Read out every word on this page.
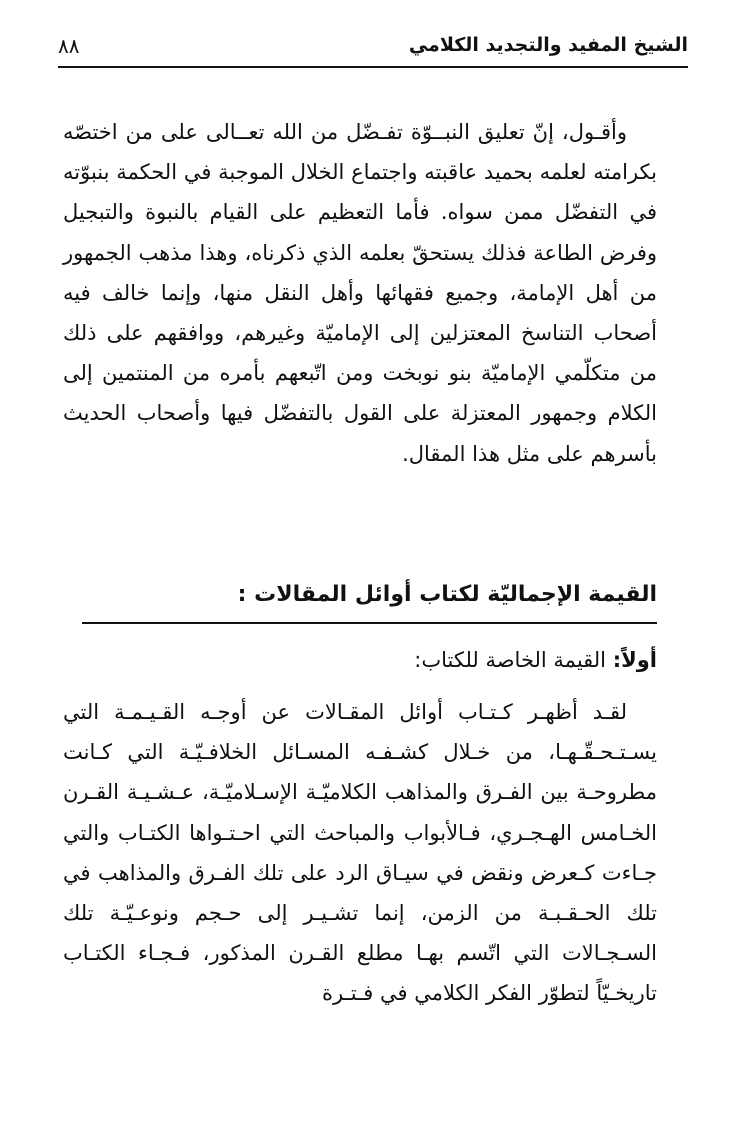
الشيخ المفيد والتجديد الكلامي
٨٨
وأقـول، إنّ تعليق النبــوّة تفـضّل من الله تعــالى على من اختصّه بكرامته لعلمه بحميد عاقبته واجتماع الخلال الموجبة في الحكمة بنبوّته في التفضّل ممن سواه. فأما التعظيم على القيام بالنبوة والتبجيل وفرض الطاعة فذلك يستحقّ بعلمه الذي ذكرناه، وهذا مذهب الجمهور من أهل الإمامة، وجميع فقهائها وأهل النقل منها، وإنما خالف فيه أصحاب التناسخ المعتزلين إلى الإماميّة وغيرهم، ووافقهم على ذلك من متكلّمي الإماميّة بنو نوبخت ومن اتّبعهم بأمره من المنتمين إلى الكلام وجمهور المعتزلة على القول بالتفضّل فيها وأصحاب الحديث بأسرهم على مثل هذا المقال.
القيمة الإجماليّة لكتاب أوائل المقالات :
أولاً: القيمة الخاصة للكتاب:
لقـد أظهـر كـتـاب أوائل المقـالات عن أوجـه القـيـمـة التي يسـتـحـقّـهـا، من خـلال كشـفـه المسـائل الخلافـيّـة التي كـانت مطروحـة بين الفـرق والمذاهب الكلاميّـة الإسـلاميّـة، عـشـيـة القـرن الخـامس الهـجـري، فـالأبواب والمباحث التي احـتـواها الكتـاب والتي جـاءت كـعرض ونقض في سيـاق الرد على تلك الفـرق والمذاهب في تلك الحـقـبـة من الزمن، إنما تشـيـر إلى حـجم ونوعـيّـة تلك السـجـالات التي اتّسم بهـا مطلع القـرن المذكور، فـجـاء الكتـاب تاريخـيّاً لتطوّر الفكر الكلامي في فـتـرة
